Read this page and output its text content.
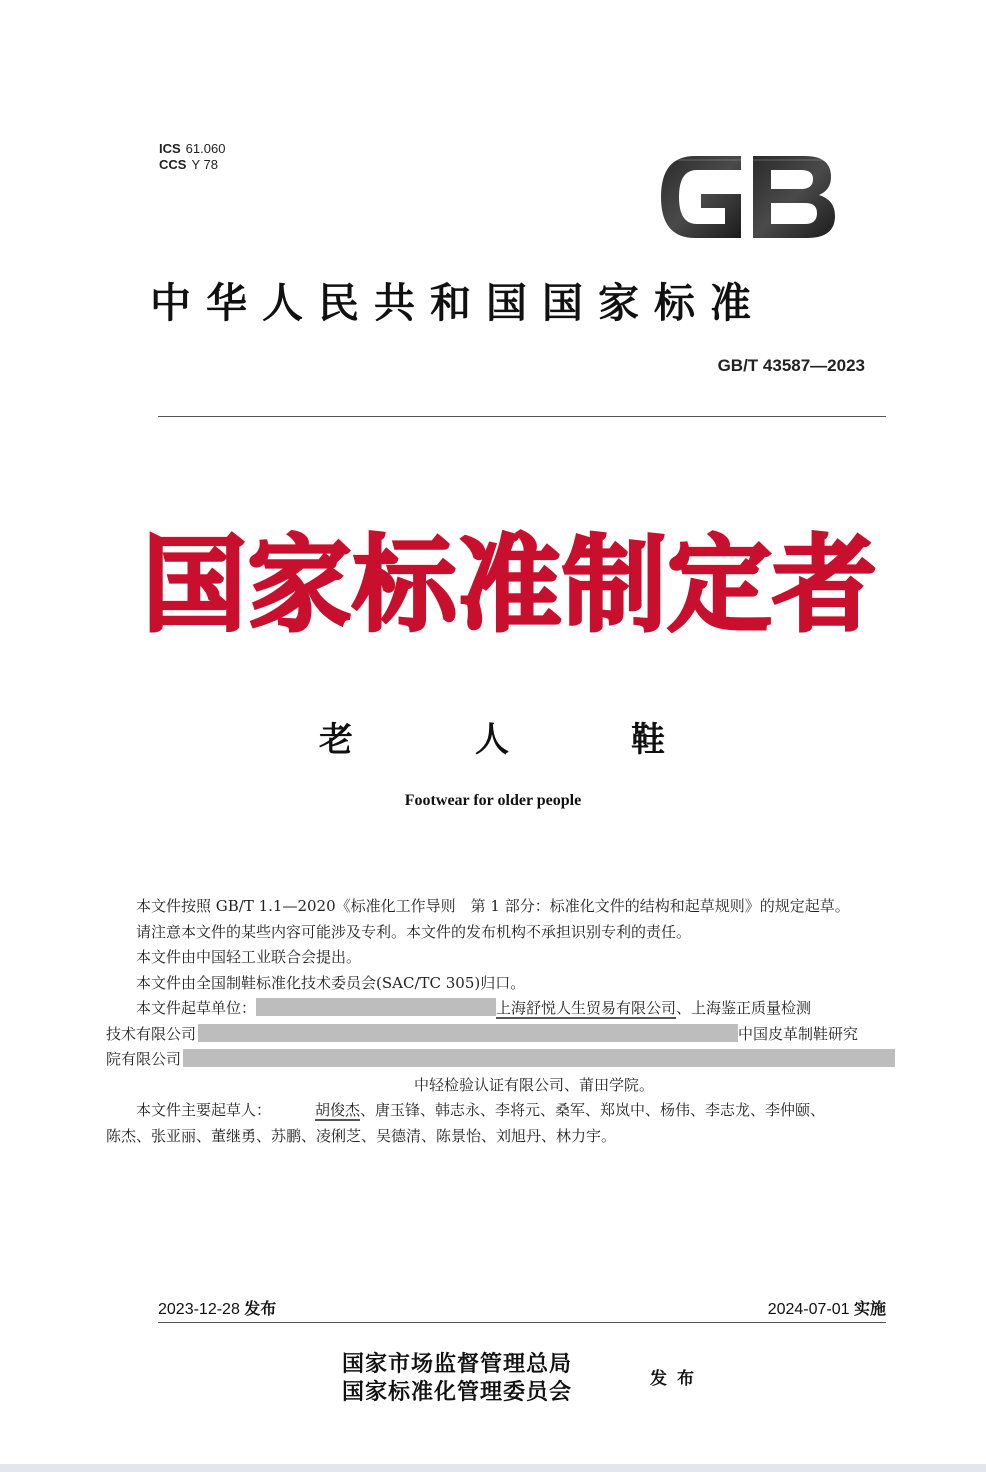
ICS 61.060
CCS Y 78
中华人民共和国国家标准
GB/T 43587—2023
国家标准制定者
老	人	鞋
Footwear for older people

本文件按照 GB/T 1.1—2020《标准化工作导则　第 1 部分：标准化文件的结构和起草规则》的规定起草。

请注意本文件的某些内容可能涉及专利。本文件的发布机构不承担识别专利的责任。

本文件由中国轻工业联合会提出。

本文件由全国制鞋标准化技术委员会(SAC/TC 305)归口。

本文件起草单位：	上海舒悦人生贸易有限公司、上海鉴正质量检测

技术有限公司	中国皮革制鞋研究

院有限公司

中轻检验认证有限公司、莆田学院。

本文件主要起草人：	胡俊杰、唐玉锋、韩志永、李将元、桑军、郑岚中、杨伟、李志龙、李仲颐、

陈杰、张亚丽、董继勇、苏鹏、凌俐芝、吴德清、陈景怡、刘旭丹、林力宇。

2023-12-28 发布	2024-07-01 实施
国家市场监督管理总局
国家标准化管理委员会	发布
